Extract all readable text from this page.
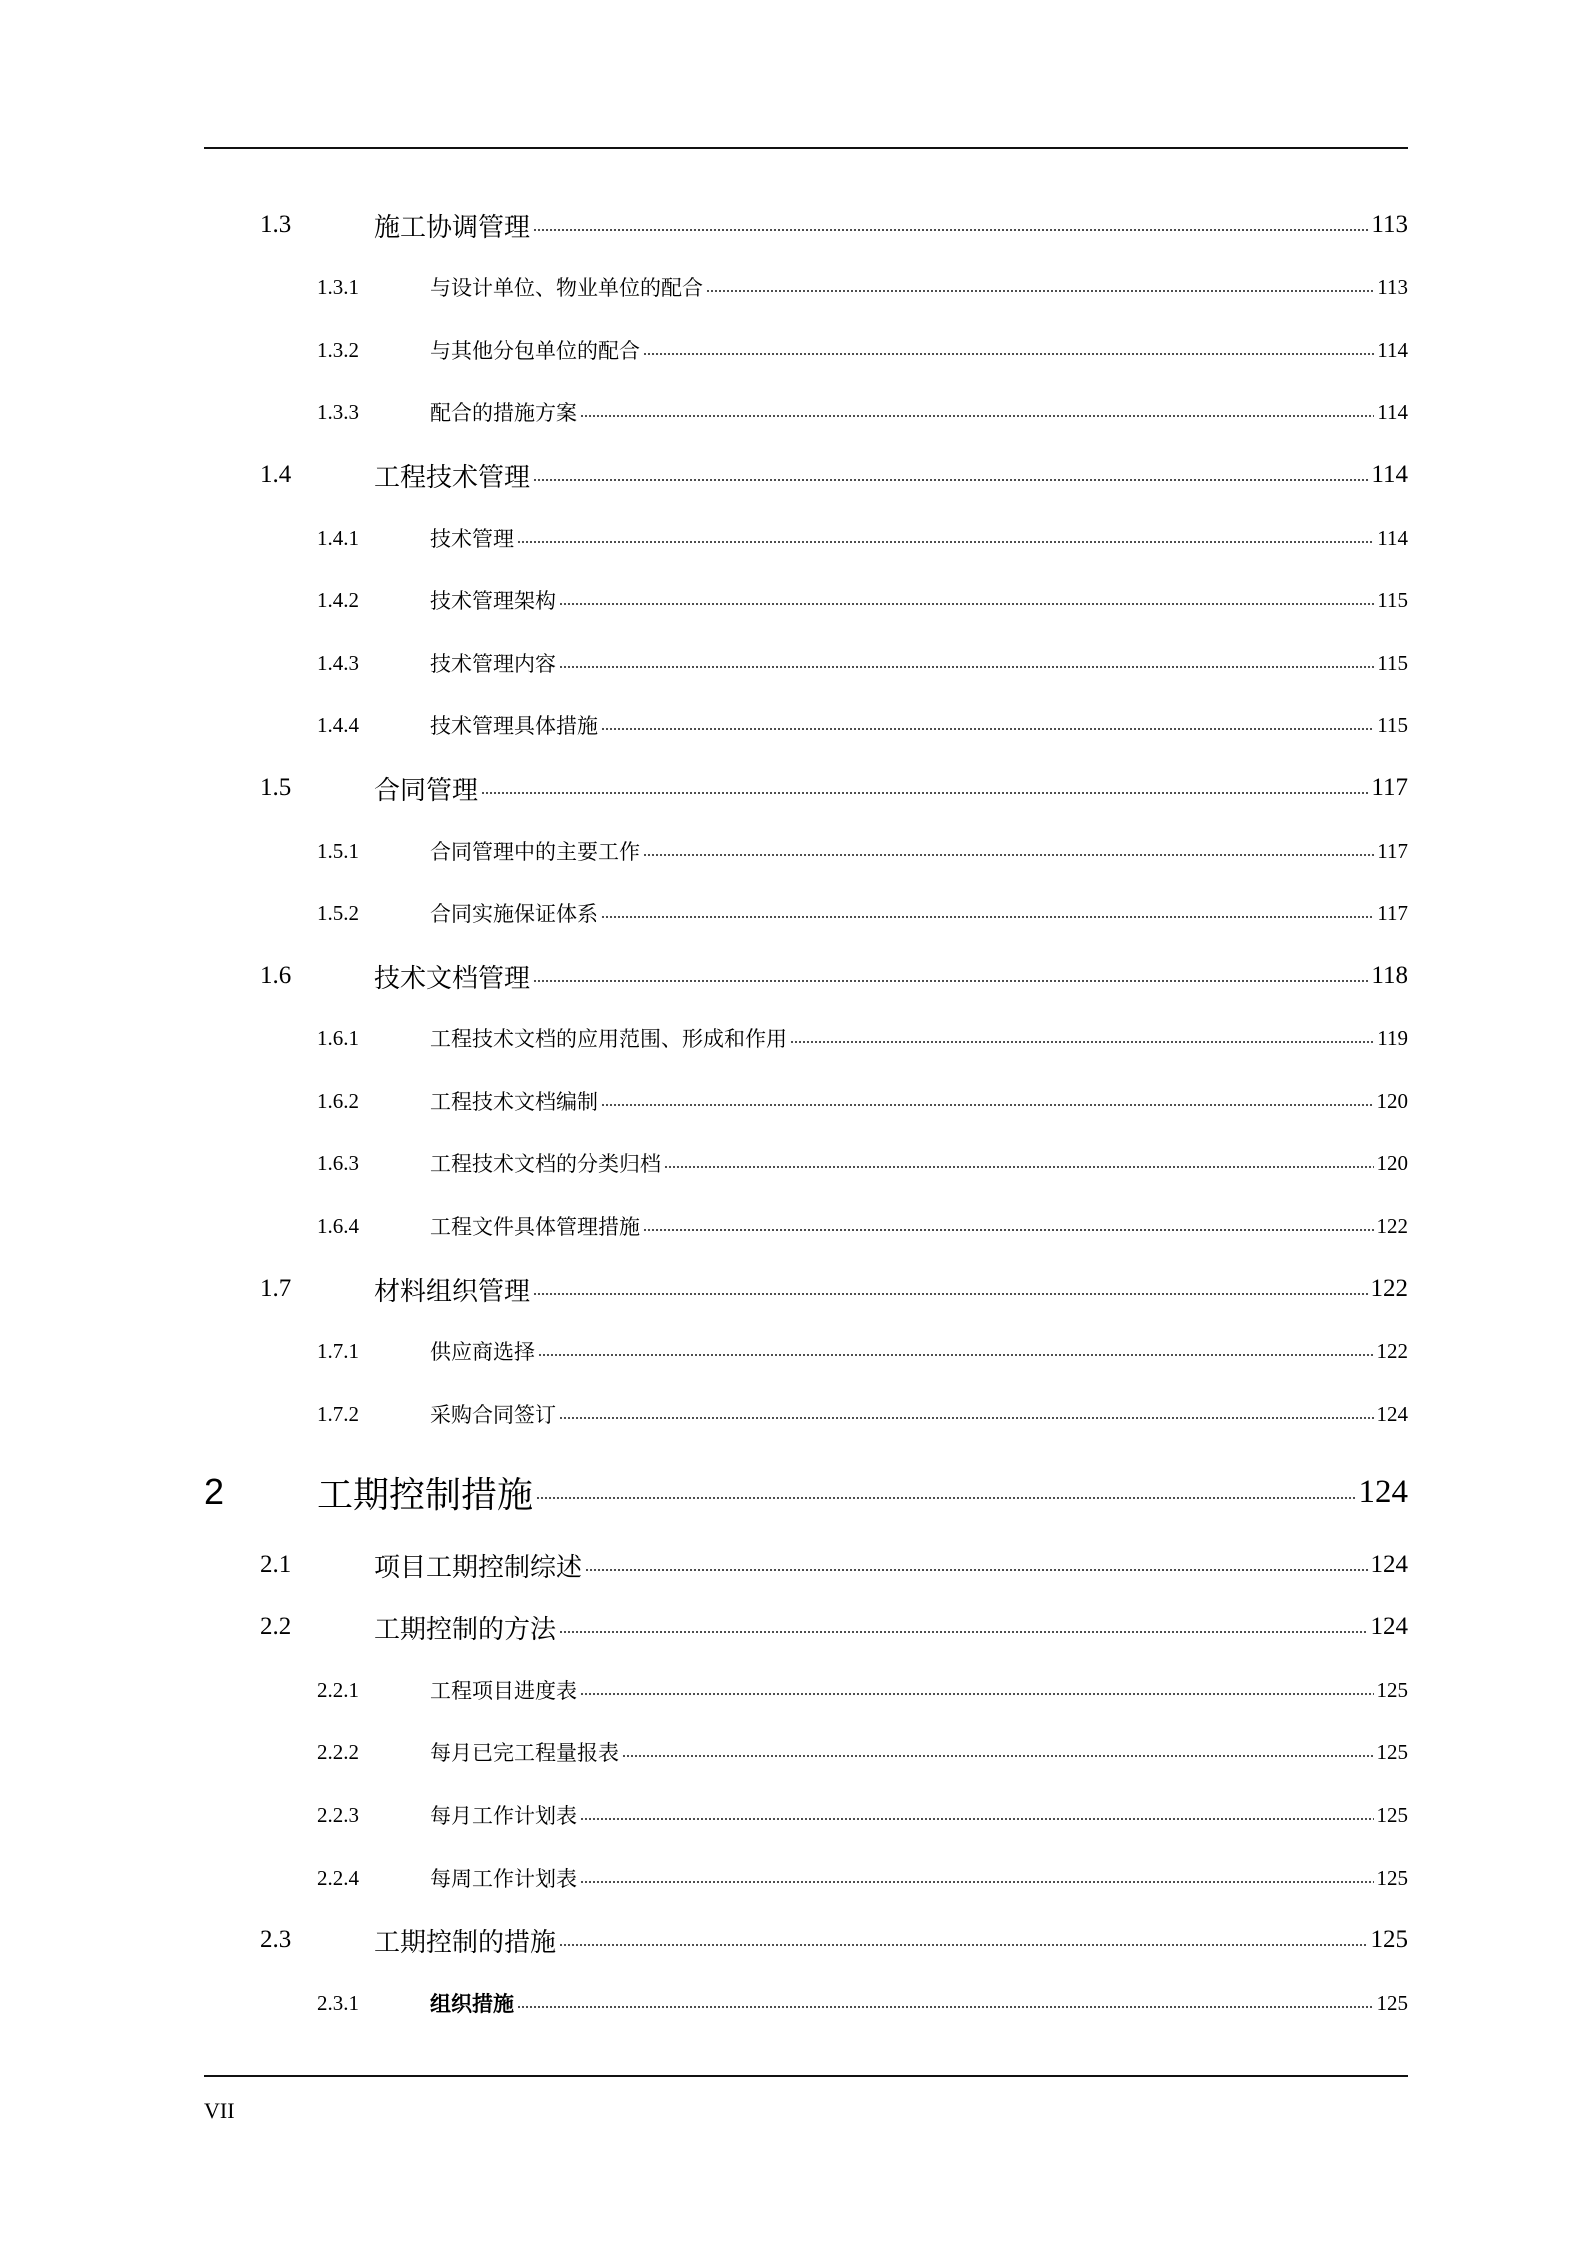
1.3	施工协调管理	113
1.3.1	与设计单位、物业单位的配合	113
1.3.2	与其他分包单位的配合	114
1.3.3	配合的措施方案	114
1.4	工程技术管理	114
1.4.1	技术管理	114
1.4.2	技术管理架构	115
1.4.3	技术管理内容	115
1.4.4	技术管理具体措施	115
1.5	合同管理	117
1.5.1	合同管理中的主要工作	117
1.5.2	合同实施保证体系	117
1.6	技术文档管理	118
1.6.1	工程技术文档的应用范围、形成和作用	119
1.6.2	工程技术文档编制	120
1.6.3	工程技术文档的分类归档	120
1.6.4	工程文件具体管理措施	122
1.7	材料组织管理	122
1.7.1	供应商选择	122
1.7.2	采购合同签订	124
2	工期控制措施	124
2.1	项目工期控制综述	124
2.2	工期控制的方法	124
2.2.1	工程项目进度表	125
2.2.2	每月已完工程量报表	125
2.2.3	每月工作计划表	125
2.2.4	每周工作计划表	125
2.3	工期控制的措施	125
2.3.1	组织措施	125
VII
